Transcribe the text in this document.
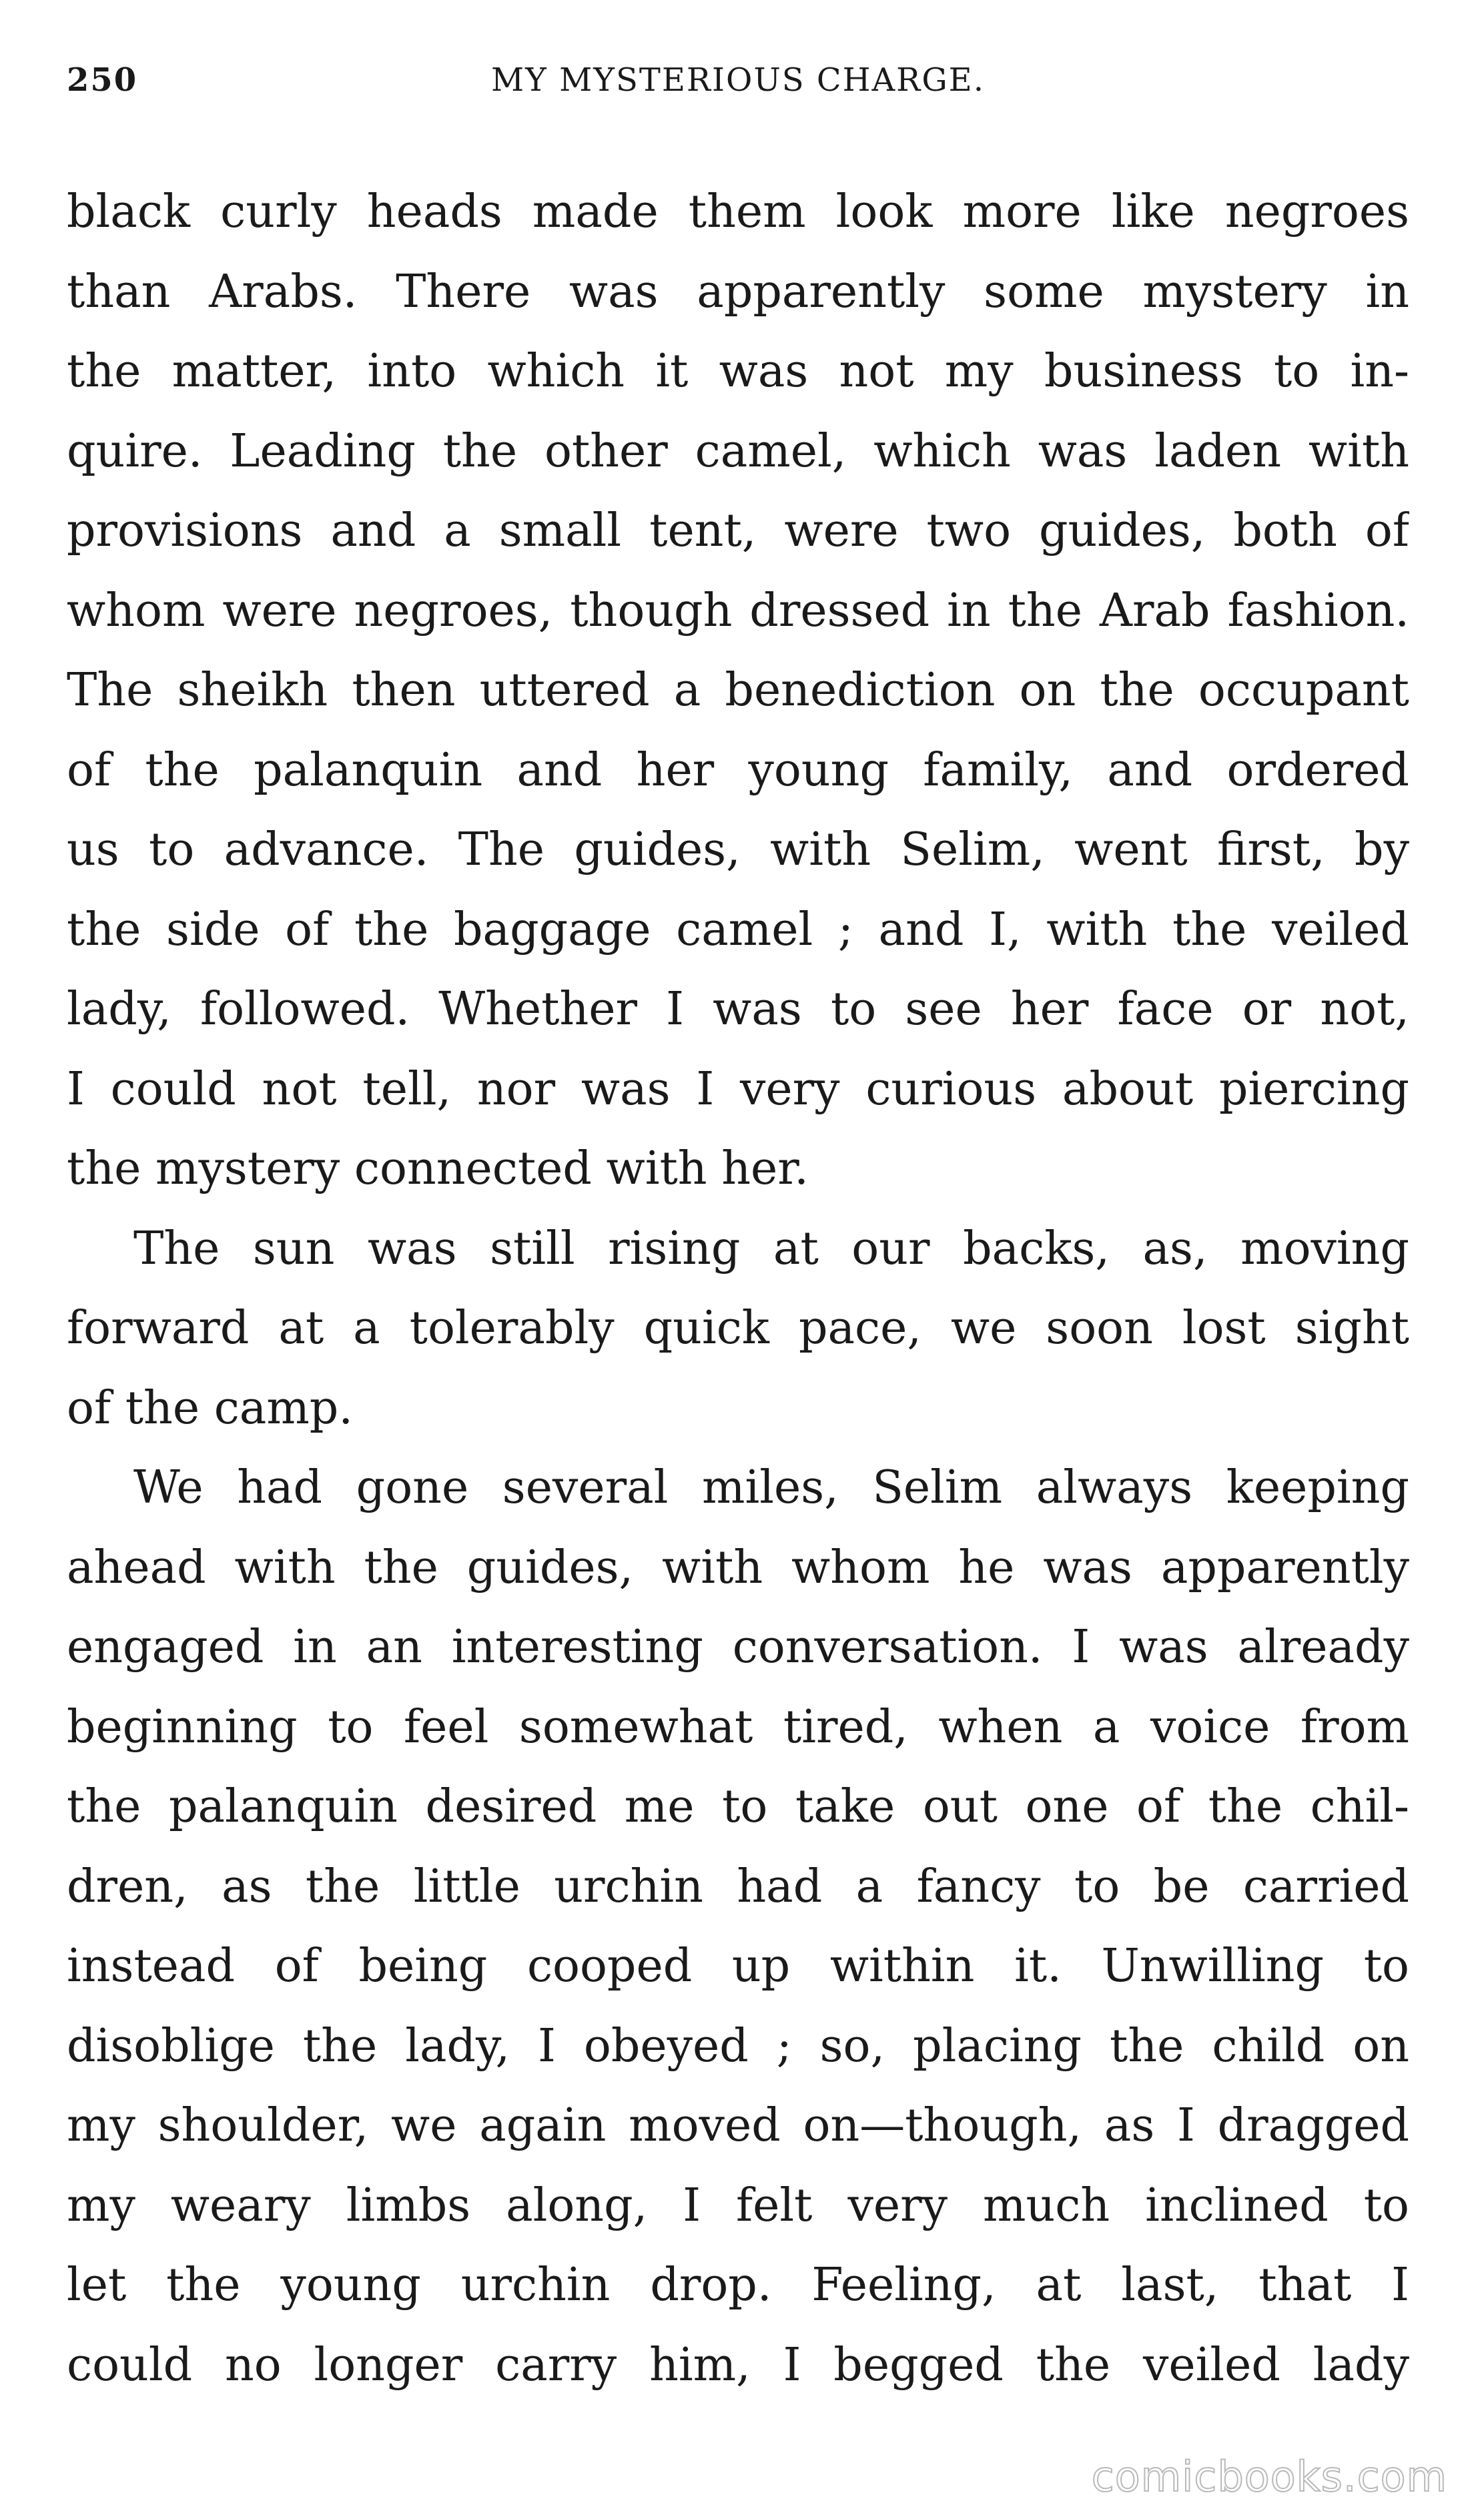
250	MY MYSTERIOUS CHARGE.
black curly heads made them look more like negroes
than Arabs. There was apparently some mystery in
the matter, into which it was not my business to in-
quire. Leading the other camel, which was laden with
provisions and a small tent, were two guides, both of
whom were negroes, though dressed in the Arab fashion.
The sheikh then uttered a benediction on the occupant
of the palanquin and her young family, and ordered
us to advance. The guides, with Selim, went first, by
the side of the baggage camel ; and I, with the veiled
lady, followed. Whether I was to see her face or not,
I could not tell, nor was I very curious about piercing
the mystery connected with her.
The sun was still rising at our backs, as, moving
forward at a tolerably quick pace, we soon lost sight
of the camp.
We had gone several miles, Selim always keeping
ahead with the guides, with whom he was apparently
engaged in an interesting conversation. I was already
beginning to feel somewhat tired, when a voice from
the palanquin desired me to take out one of the chil-
dren, as the little urchin had a fancy to be carried
instead of being cooped up within it. Unwilling to
disoblige the lady, I obeyed ; so, placing the child on
my shoulder, we again moved on—though, as I dragged
my weary limbs along, I felt very much inclined to
let the young urchin drop. Feeling, at last, that I
could no longer carry him, I begged the veiled lady
comicbooks.com
